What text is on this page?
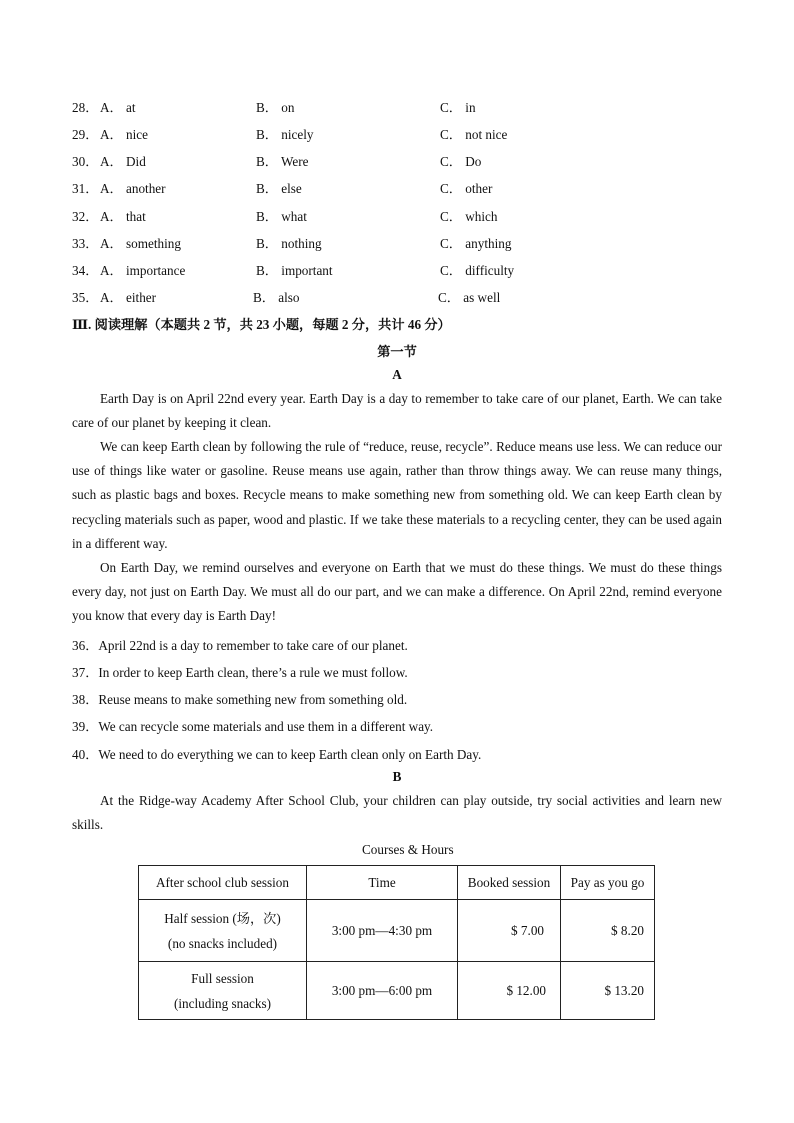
28． A． at	B． on	C． in
29． A． nice	B． nicely	C． not nice
30． A． Did	B． Were	C． Do
31． A． another	B． else	C． other
32． A． that	B． what	C． which
33． A． something	B． nothing	C． anything
34． A． importance	B． important	C． difficulty
35． A． either	B． also	C． as well
Ⅲ. 阅读理解（本题共 2 节，共 23 小题，每题 2 分，共计 46 分）
第一节
A
Earth Day is on April 22nd every year. Earth Day is a day to remember to take care of our planet, Earth. We can take care of our planet by keeping it clean.
We can keep Earth clean by following the rule of “reduce, reuse, recycle”. Reduce means use less. We can reduce our use of things like water or gasoline. Reuse means use again, rather than throw things away. We can reuse many things, such as plastic bags and boxes. Recycle means to make something new from something old. We can keep Earth clean by recycling materials such as paper, wood and plastic. If we take these materials to a recycling center, they can be used again in a different way.
On Earth Day, we remind ourselves and everyone on Earth that we must do these things. We must do these things every day, not just on Earth Day. We must all do our part, and we can make a difference. On April 22nd, remind everyone you know that every day is Earth Day!
36．April 22nd is a day to remember to take care of our planet.
37．In order to keep Earth clean, there’s a rule we must follow.
38．Reuse means to make something new from something old.
39．We can recycle some materials and use them in a different way.
40．We need to do everything we can to keep Earth clean only on Earth Day.
B
At the Ridge-way Academy After School Club, your children can play outside, try social activities and learn new skills.
Courses & Hours
After school club session	Time	Booked session	Pay as you go

Half session (场，次)
(no snacks included)	3:00 pm—4:30 pm	$ 7.00	$ 8.20

Full session
(including snacks)	3:00 pm—6:00 pm	$ 12.00	$ 13.20
